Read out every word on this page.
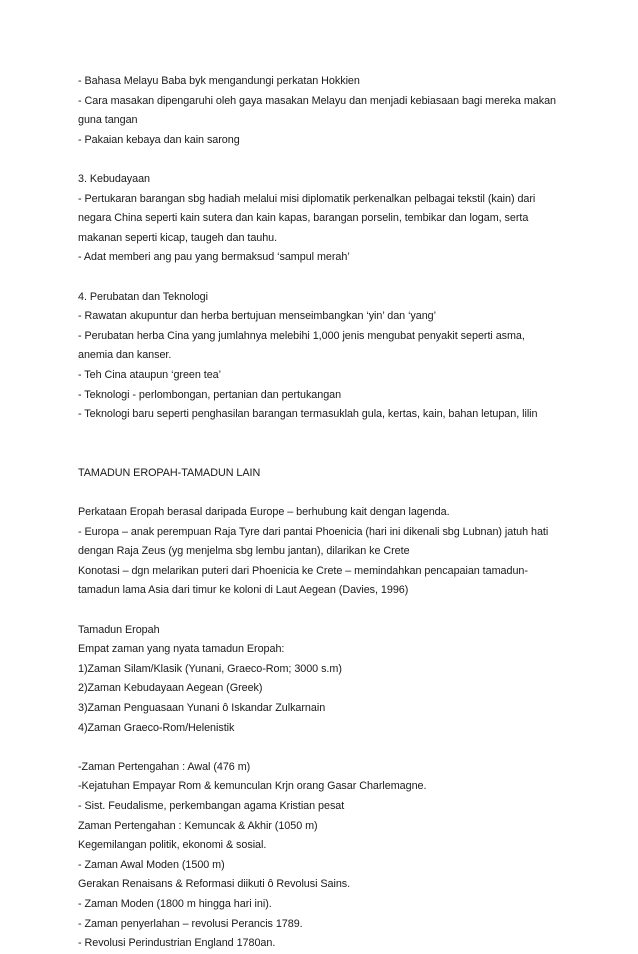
- Bahasa Melayu Baba byk mengandungi perkatan Hokkien
- Cara masakan dipengaruhi oleh gaya masakan Melayu dan menjadi kebiasaan bagi mereka makan
guna tangan
- Pakaian kebaya dan kain sarong
3. Kebudayaan
- Pertukaran barangan sbg hadiah melalui misi diplomatik perkenalkan pelbagai tekstil (kain) dari
negara China seperti kain sutera dan kain kapas, barangan porselin, tembikar dan logam, serta
makanan seperti kicap, taugeh dan tauhu.
- Adat memberi ang pau yang bermaksud ‘sampul merah’
4. Perubatan dan Teknologi
- Rawatan akupuntur dan herba bertujuan menseimbangkan ‘yin’ dan ‘yang’
- Perubatan herba Cina yang jumlahnya melebihi 1,000 jenis mengubat penyakit seperti asma,
anemia dan kanser.
- Teh Cina ataupun ‘green tea’
- Teknologi - perlombongan, pertanian dan pertukangan
- Teknologi baru seperti penghasilan barangan termasuklah gula, kertas, kain, bahan letupan, lilin
TAMADUN EROPAH-TAMADUN LAIN
Perkataan Eropah berasal daripada Europe – berhubung kait dengan lagenda.
- Europa – anak perempuan Raja Tyre dari pantai Phoenicia (hari ini dikenali sbg Lubnan) jatuh hati
dengan Raja Zeus (yg menjelma sbg lembu jantan), dilarikan ke Crete
Konotasi – dgn melarikan puteri dari Phoenicia ke Crete – memindahkan pencapaian tamadun-
tamadun lama Asia dari timur ke koloni di Laut Aegean (Davies, 1996)
Tamadun Eropah
Empat zaman yang nyata tamadun Eropah:
1)Zaman Silam/Klasik (Yunani, Graeco-Rom; 3000 s.m)
2)Zaman Kebudayaan Aegean (Greek)
3)Zaman Penguasaan Yunani ô Iskandar Zulkarnain
4)Zaman Graeco-Rom/Helenistik
-Zaman Pertengahan : Awal (476 m)
-Kejatuhan Empayar Rom & kemunculan Krjn orang Gasar Charlemagne.
- Sist. Feudalisme, perkembangan agama Kristian pesat
Zaman Pertengahan : Kemuncak & Akhir (1050 m)
Kegemilangan politik, ekonomi & sosial.
- Zaman Awal Moden (1500 m)
Gerakan Renaisans & Reformasi diikuti ô Revolusi Sains.
- Zaman Moden (1800 m hingga hari ini).
- Zaman penyerlahan – revolusi Perancis 1789.
- Revolusi Perindustrian England 1780an.
